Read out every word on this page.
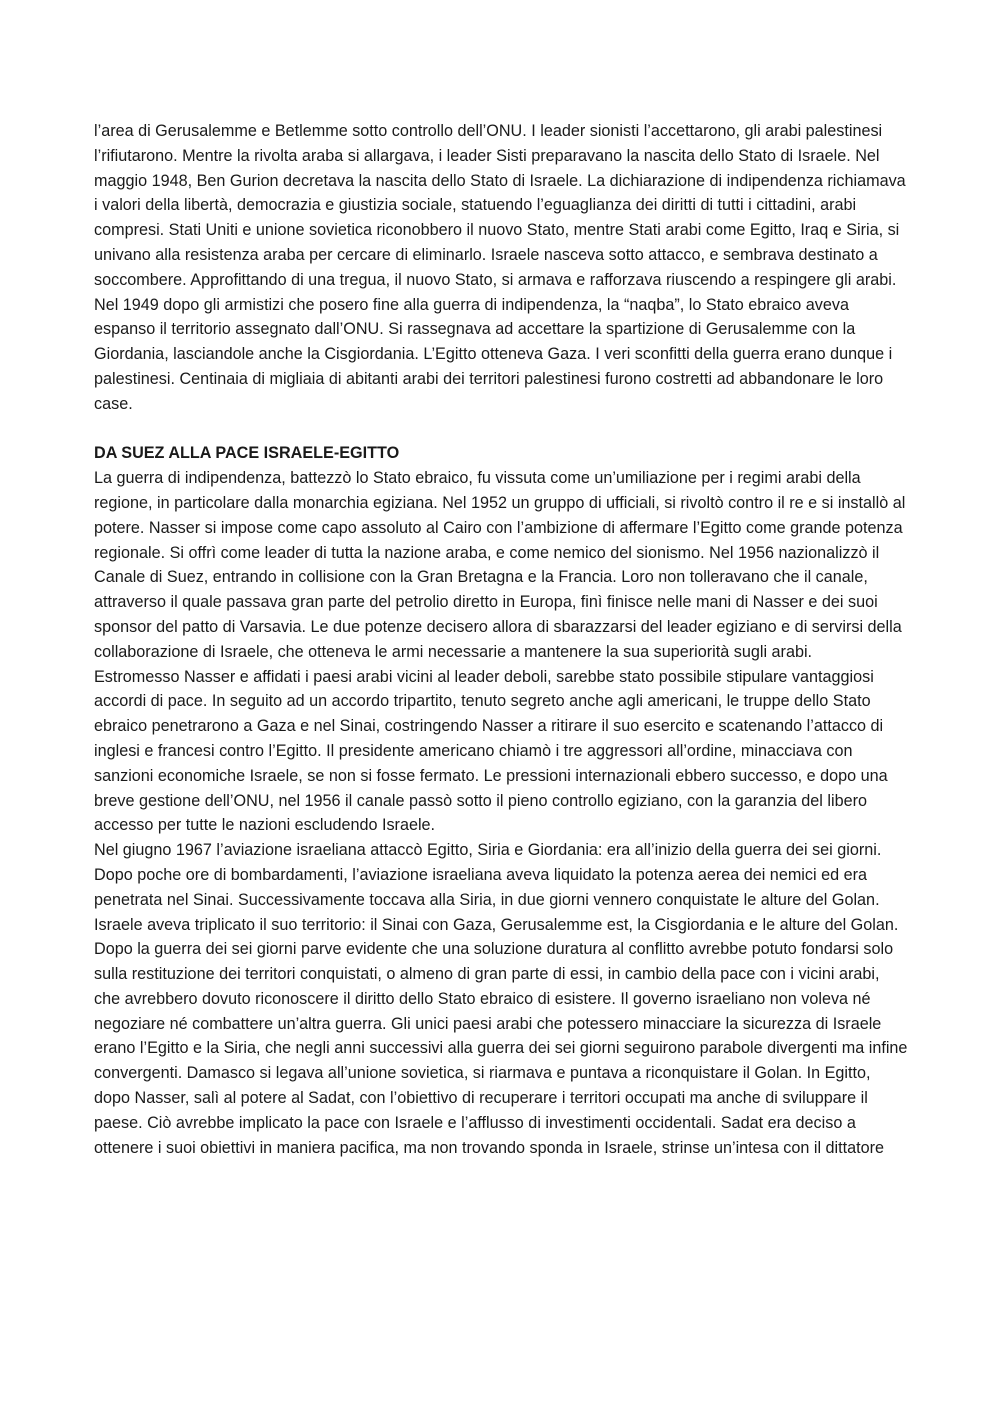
l’area di Gerusalemme e Betlemme sotto controllo dell’ONU. I leader sionisti l’accettarono, gli arabi palestinesi l’rifiutarono. Mentre la rivolta araba si allargava, i leader Sisti preparavano la nascita dello Stato di Israele. Nel maggio 1948, Ben Gurion decretava la nascita dello Stato di Israele. La dichiarazione di indipendenza richiamava i valori della libertà, democrazia e giustizia sociale, statuendo l’eguaglianza dei diritti di tutti i cittadini, arabi compresi. Stati Uniti e unione sovietica riconobbero il nuovo Stato, mentre Stati arabi come Egitto, Iraq e Siria, si univano alla resistenza araba per cercare di eliminarlo. Israele nasceva sotto attacco, e sembrava destinato a soccombere. Approfittando di una tregua, il nuovo Stato, si armava e rafforzava riuscendo a respingere gli arabi. Nel 1949 dopo gli armistizi che posero fine alla guerra di indipendenza, la “naqba”, lo Stato ebraico aveva espanso il territorio assegnato dall’ONU. Si rassegnava ad accettare la spartizione di Gerusalemme con la Giordania, lasciandole anche la Cisgiordania. L’Egitto otteneva Gaza. I veri sconfitti della guerra erano dunque i palestinesi. Centinaia di migliaia di abitanti arabi dei territori palestinesi furono costretti ad abbandonare le loro case.

DA SUEZ ALLA PACE ISRAELE-EGITTO

La guerra di indipendenza, battezzò lo Stato ebraico, fu vissuta come un’umiliazione per i regimi arabi della regione, in particolare dalla monarchia egiziana. Nel 1952 un gruppo di ufficiali, si rivoltò contro il re e si installò al potere. Nasser si impose come capo assoluto al Cairo con l’ambizione di affermare l’Egitto come grande potenza regionale. Si offrì come leader di tutta la nazione araba, e come nemico del sionismo. Nel 1956 nazionalizzò il Canale di Suez, entrando in collisione con la Gran Bretagna e la Francia. Loro non tolleravano che il canale, attraverso il quale passava gran parte del petrolio diretto in Europa, finì finisce nelle mani di Nasser e dei suoi sponsor del patto di Varsavia. Le due potenze decisero allora di sbarazzarsi del leader egiziano e di servirsi della collaborazione di Israele, che otteneva le armi necessarie a mantenere la sua superiorità sugli arabi.

Estromesso Nasser e affidati i paesi arabi vicini al leader deboli, sarebbe stato possibile stipulare vantaggiosi accordi di pace. In seguito ad un accordo tripartito, tenuto segreto anche agli americani, le truppe dello Stato ebraico penetrarono a Gaza e nel Sinai, costringendo Nasser a ritirare il suo esercito e scatenando l’attacco di inglesi e francesi contro l’Egitto. Il presidente americano chiamò i tre aggressori all’ordine, minacciava con sanzioni economiche Israele, se non si fosse fermato. Le pressioni internazionali ebbero successo, e dopo una breve gestione dell’ONU, nel 1956 il canale passò sotto il pieno controllo egiziano, con la garanzia del libero accesso per tutte le nazioni escludendo Israele.

Nel giugno 1967 l’aviazione israeliana attaccò Egitto, Siria e Giordania: era all’inizio della guerra dei sei giorni. Dopo poche ore di bombardamenti, l’aviazione israeliana aveva liquidato la potenza aerea dei nemici ed era penetrata nel Sinai. Successivamente toccava alla Siria, in due giorni vennero conquistate le alture del Golan. Israele aveva triplicato il suo territorio: il Sinai con Gaza, Gerusalemme est, la Cisgiordania e le alture del Golan. Dopo la guerra dei sei giorni parve evidente che una soluzione duratura al conflitto avrebbe potuto fondarsi solo sulla restituzione dei territori conquistati, o almeno di gran parte di essi, in cambio della pace con i vicini arabi, che avrebbero dovuto riconoscere il diritto dello Stato ebraico di esistere. Il governo israeliano non voleva né negoziare né combattere un’altra guerra. Gli unici paesi arabi che potessero minacciare la sicurezza di Israele erano l’Egitto e la Siria, che negli anni successivi alla guerra dei sei giorni seguirono parabole divergenti ma infine convergenti. Damasco si legava all’unione sovietica, si riarmava e puntava a riconquistare il Golan. In Egitto, dopo Nasser, salì al potere al Sadat, con l’obiettivo di recuperare i territori occupati ma anche di sviluppare il paese. Ciò avrebbe implicato la pace con Israele e l’afflusso di investimenti occidentali. Sadat era deciso a ottenere i suoi obiettivi in maniera pacifica, ma non trovando sponda in Israele, strinse un’intesa con il dittatore
